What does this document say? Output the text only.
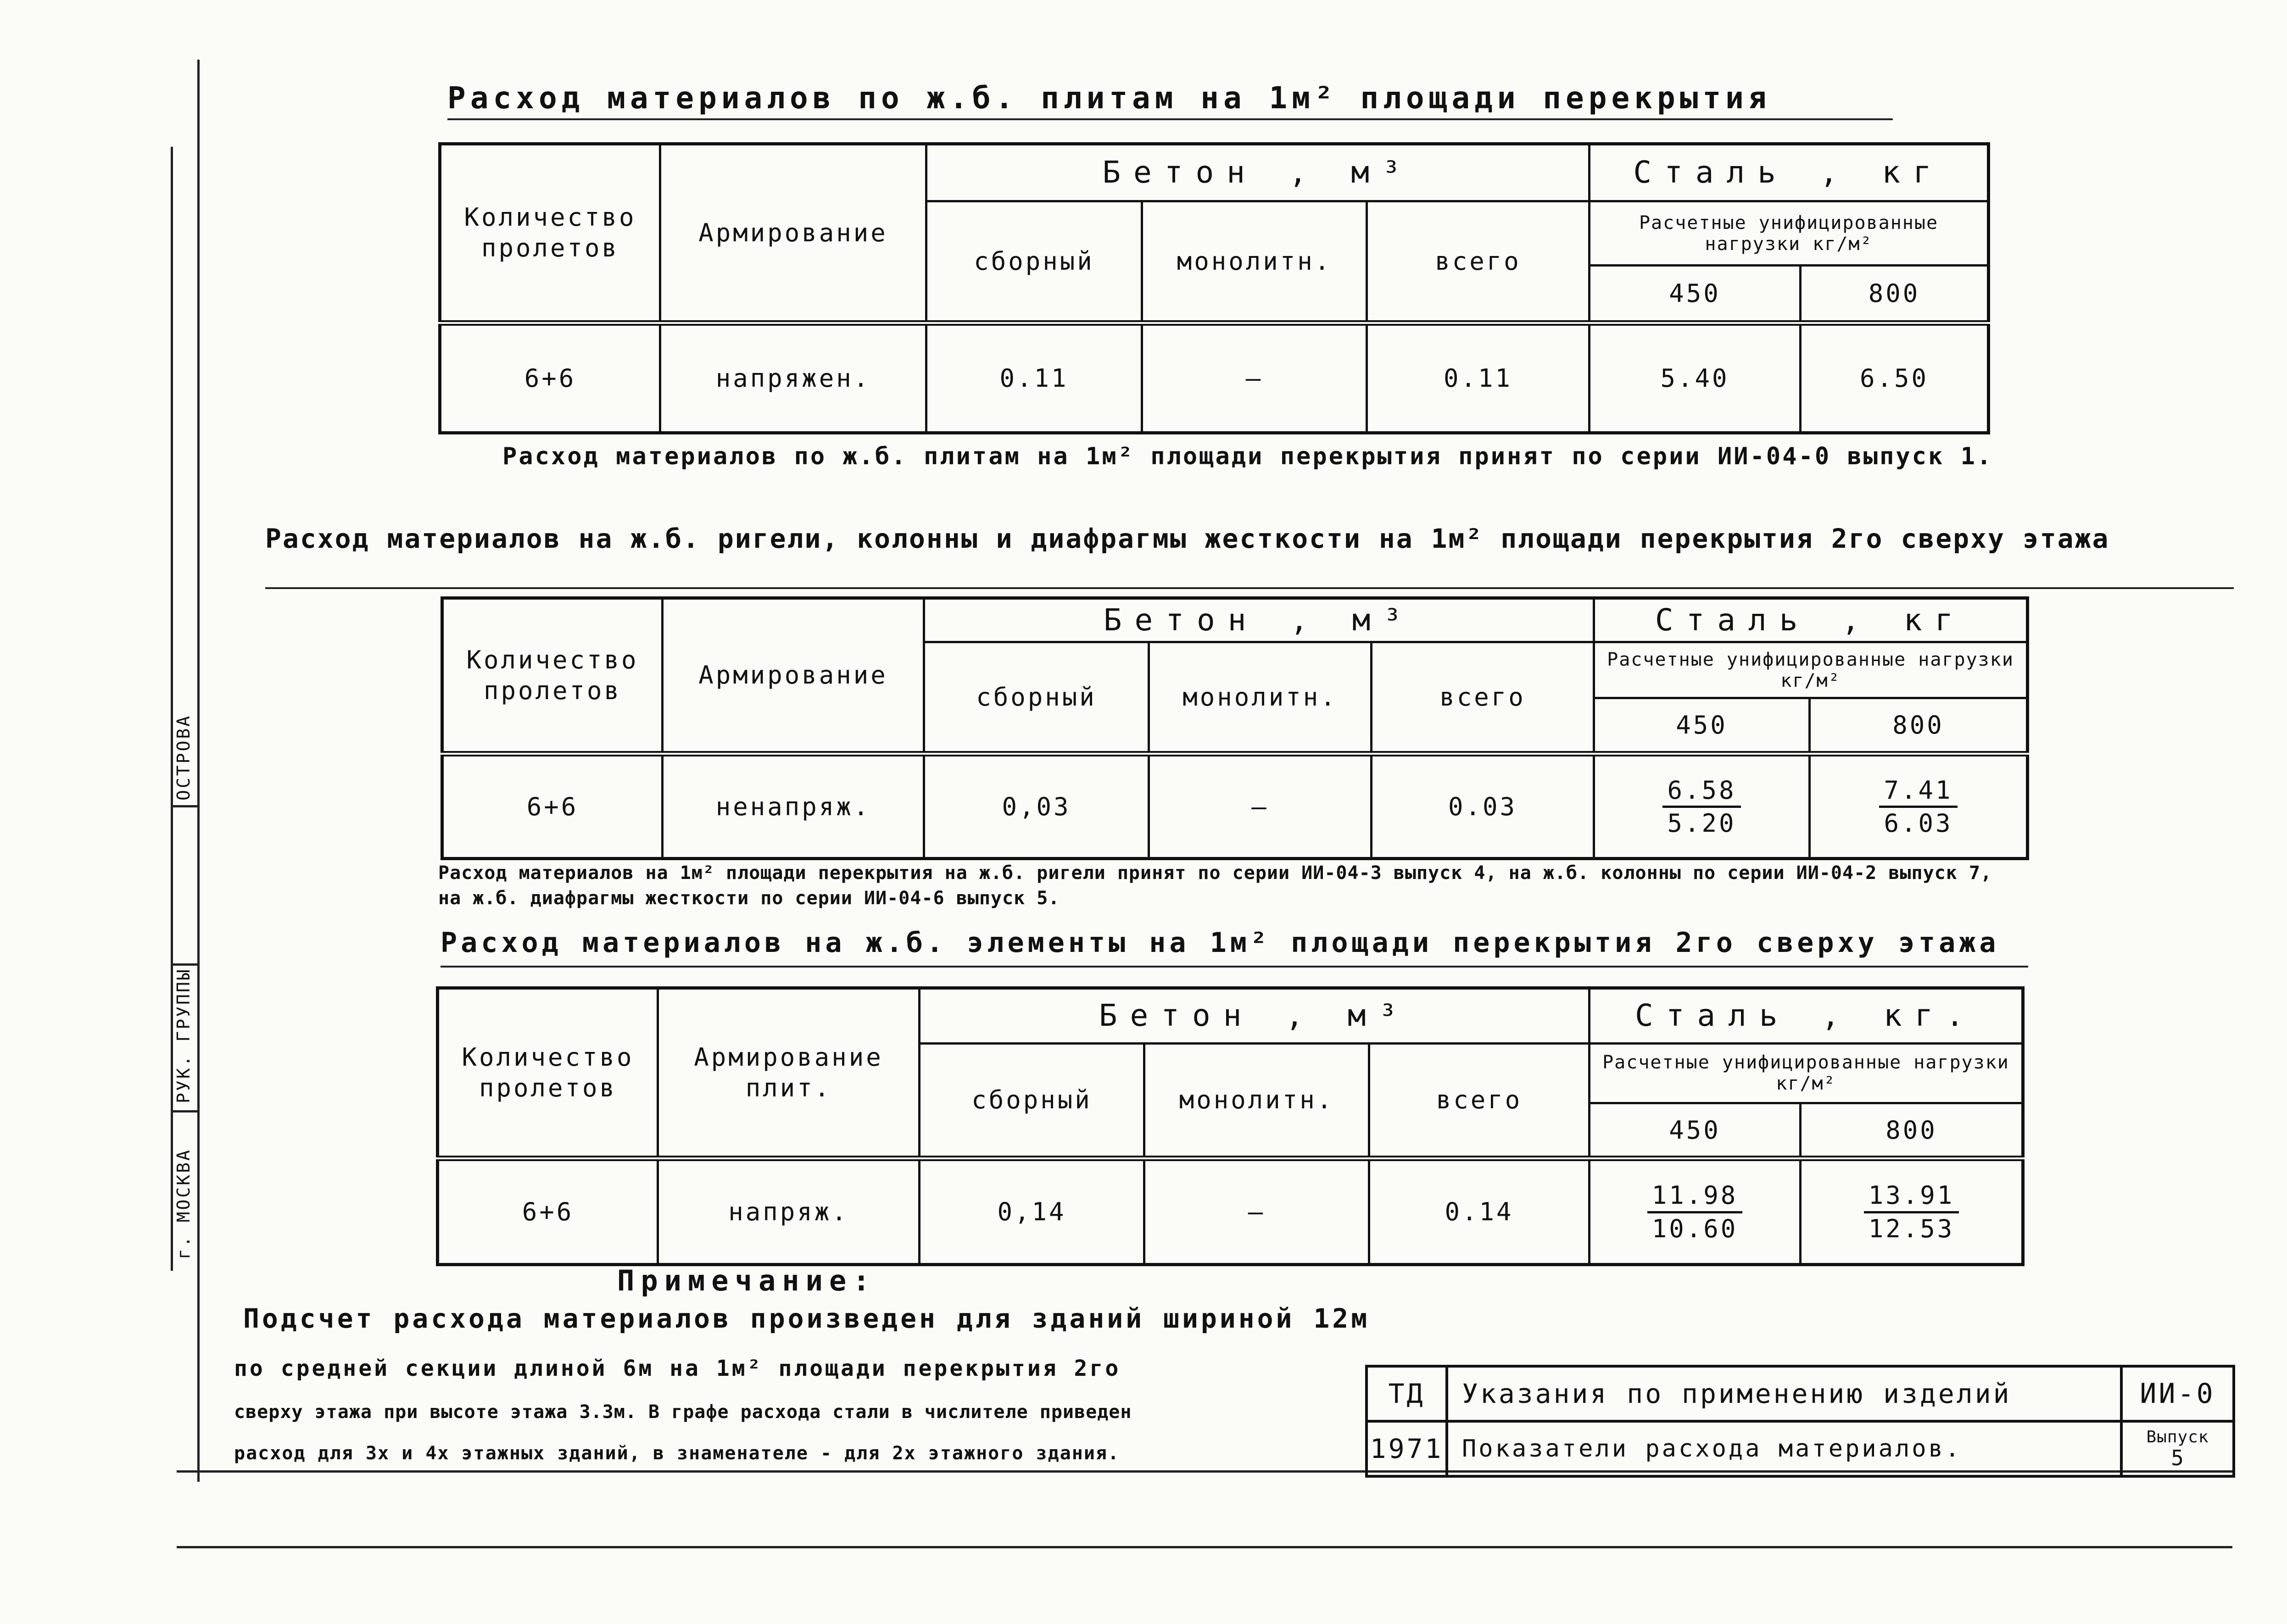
г. МОСКВА
РУК. ГРУППЫ
ОСТРОВА
Расход материалов по ж.б. плитам на 1м² площади перекрытия
Количество пролетов	Армирование	Бетон , м³			Сталь , кг	
		сборный	монолитн.	всего	Расчетные унифицированные нагрузки кг/м²	
					450	800
6+6	напряжен.	0.11	—	0.11	5.40	6.50
Расход материалов по ж.б. плитам на 1м² площади перекрытия принят по серии ИИ-04-0 выпуск 1.
Расход материалов на ж.б. ригели, колонны и диафрагмы жесткости на 1м² площади перекрытия 2го сверху этажа
Количество пролетов	Армирование	Бетон , м³			Сталь , кг	
		сборный	монолитн.	всего	Расчетные унифицированные нагрузки кг/м²	
					450	800
6+6	ненапряж.	0,03	—	0.03	$\frac{6.58}{5.20}$	$\frac{7.41}{6.03}$
Расход материалов на 1м² площади перекрытия на ж.б. ригели принят по серии ИИ-04-3 выпуск 4, на ж.б. колонны по серии ИИ-04-2 выпуск 7,
на ж.б. диафрагмы жесткости по серии ИИ-04-6 выпуск 5.
Расход материалов на ж.б. элементы на 1м² площади перекрытия 2го сверху этажа
Количество пролетов	Армирование плит.	Бетон , м³			Сталь , кг.	
		сборный	монолитн.	всего	Расчетные унифицированные нагрузки кг/м²	
					450	800
6+6	напряж.	0,14	—	0.14	$\frac{11.98}{10.60}$	$\frac{13.91}{12.53}$
Примечание:
Подсчет расхода материалов произведен для зданий шириной 12м
по средней секции длиной 6м на 1м² площади перекрытия 2го
сверху этажа при высоте этажа 3.3м. В графе расхода стали в числителе приведен
расход для 3х и 4х этажных зданий, в знаменателе - для 2х этажного здания.
ТД	Указания по применению изделий	ИИ-0
1971	Показатели расхода материалов.	Выпуск
5
